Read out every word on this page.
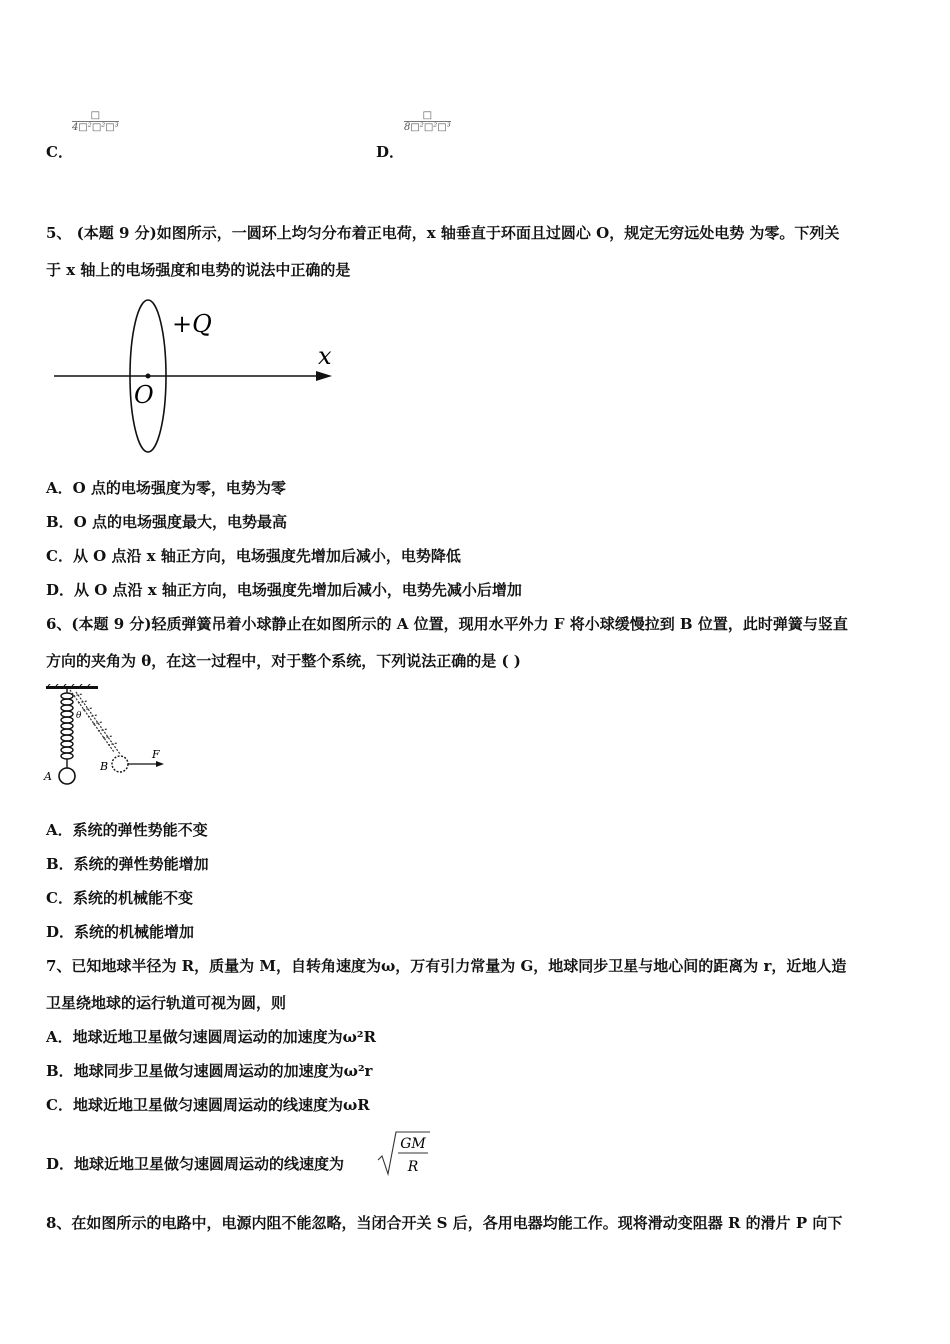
C．
□
4□²□²□³
D．
□
8□²□²□³
5、 (本题 9 分)如图所示，一圆环上均匀分布着正电荷，x 轴垂直于环面且过圆心 O，规定无穷远处电势 为零。下列关
于 x 轴上的电场强度和电势的说法中正确的是
+Q
x
O
A．O 点的电场强度为零，电势为零
B．O 点的电场强度最大，电势最高
C．从 O 点沿 x 轴正方向，电场强度先增加后减小，电势降低
D．从 O 点沿 x 轴正方向，电场强度先增加后减小，电势先减小后增加
6、(本题 9 分)轻质弹簧吊着小球静止在如图所示的 A 位置，现用水平外力 F 将小球缓慢拉到 B 位置，此时弹簧与竖直
方向的夹角为 θ，在这一过程中，对于整个系统，下列说法正确的是 ( )
θ
A
B
F
A．系统的弹性势能不变
B．系统的弹性势能增加
C．系统的机械能不变
D．系统的机械能增加
7、已知地球半径为 R，质量为 M，自转角速度为ω，万有引力常量为 G，地球同步卫星与地心间的距离为 r，近地人造
卫星绕地球的运行轨道可视为圆，则
A．地球近地卫星做匀速圆周运动的加速度为ω²R
B．地球同步卫星做匀速圆周运动的加速度为ω²r
C．地球近地卫星做匀速圆周运动的线速度为ωR
D．地球近地卫星做匀速圆周运动的线速度为
GM
R
8、在如图所示的电路中，电源内阻不能忽略，当闭合开关 S 后，各用电器均能工作。现将滑动变阻器 R 的滑片 P 向下
